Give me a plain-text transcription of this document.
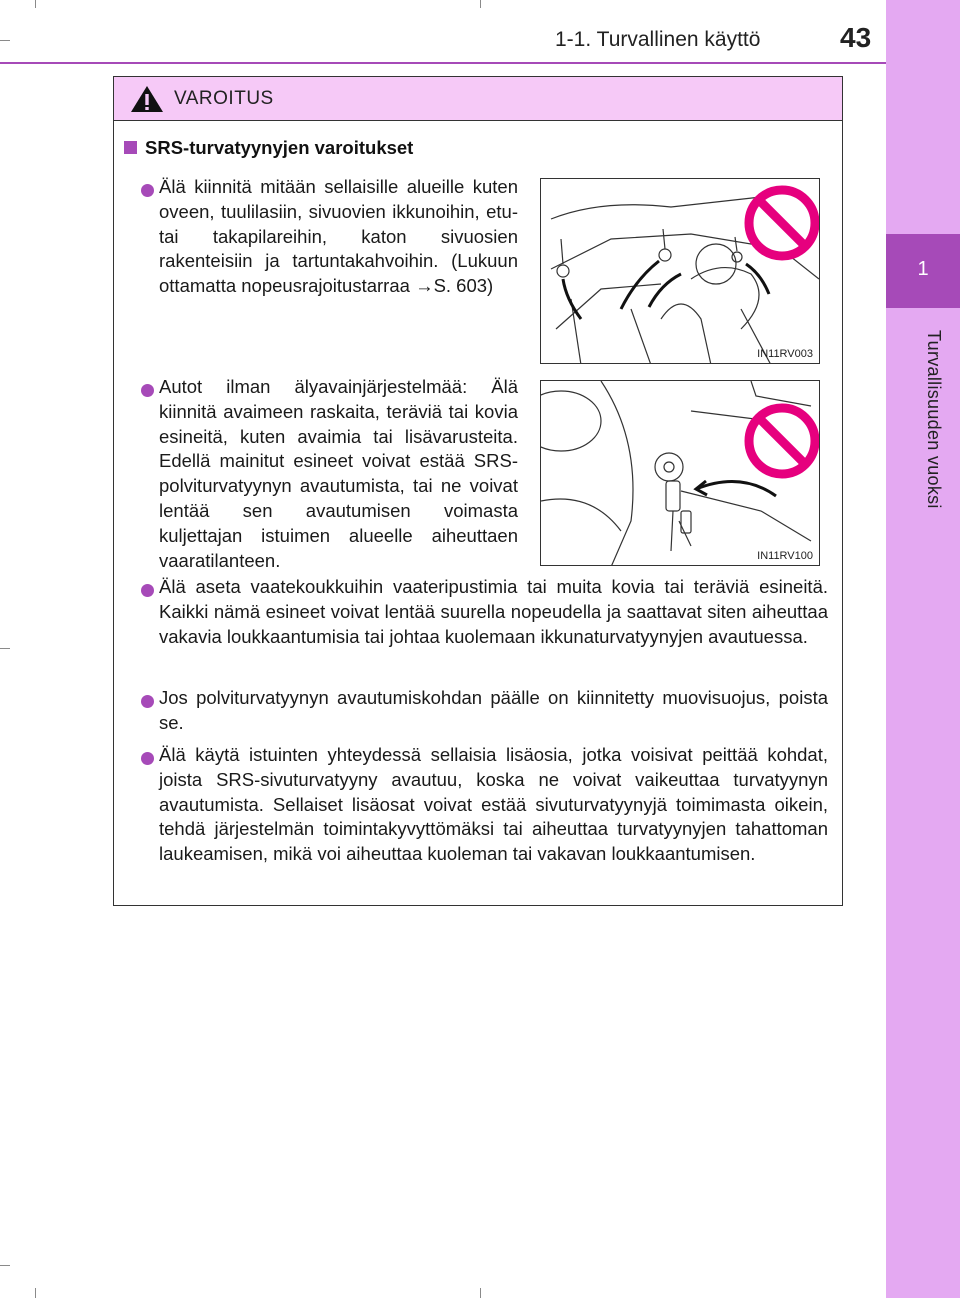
1
Turvallisuuden vuoksi
1-1. Turvallinen käyttö	43
VAROITUS
SRS-turvatyynyjen varoitukset
Älä kiinnitä mitään sellaisille alueille kuten oveen, tuulilasiin, sivuovien ikkunoihin, etu- tai takapilareihin, katon sivuosien rakenteisiin ja tartuntakahvoihin. (Lukuun ottamatta nopeusrajoitustarraa →S. 603)
IN11RV003
Autot ilman älyavainjärjestelmää: Älä kiinnitä avaimeen raskaita, teräviä tai kovia esineitä, kuten avaimia tai lisävarusteita. Edellä mainitut esineet voivat estää SRS-polviturvatyynyn avautumista, tai ne voivat lentää sen avautumisen voimasta kuljettajan istuimen alueelle aiheuttaen vaaratilanteen.	IN11RV100
Älä aseta vaatekoukkuihin vaateripustimia tai muita kovia tai teräviä esineitä. Kaikki nämä esineet voivat lentää suurella nopeudella ja saattavat siten aiheuttaa vakavia loukkaantumisia tai johtaa kuolemaan ikkunaturvatyynyjen avautuessa.
Jos polviturvatyynyn avautumiskohdan päälle on kiinnitetty muovisuojus, poista se.
Älä käytä istuinten yhteydessä sellaisia lisäosia, jotka voisivat peittää kohdat, joista SRS-sivuturvatyyny avautuu, koska ne voivat vaikeuttaa turvatyynyn avautumista. Sellaiset lisäosat voivat estää sivuturvatyynyjä toimimasta oikein, tehdä järjestelmän toimintakyvyttömäksi tai aiheuttaa turvatyynyjen tahattoman laukeamisen, mikä voi aiheuttaa kuoleman tai vakavan loukkaantumisen.
